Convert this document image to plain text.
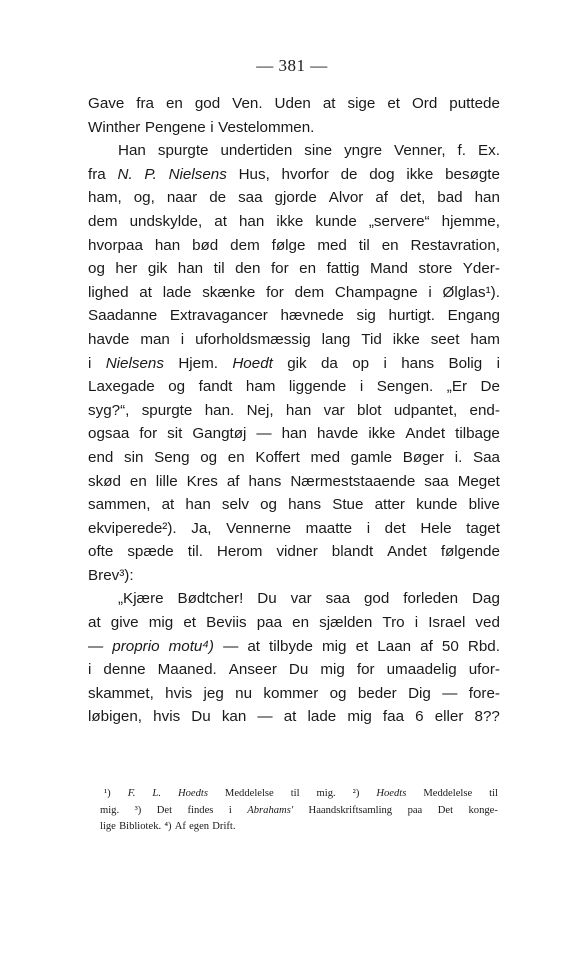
— 381 —
Gave fra en god Ven. Uden at sige et Ord puttede
Winther Pengene i Vestelommen.
Han spurgte undertiden sine yngre Venner, f. Ex.
fra N. P. Nielsens Hus, hvorfor de dog ikke besøgte
ham, og, naar de saa gjorde Alvor af det, bad han
dem undskylde, at han ikke kunde „servere“ hjemme,
hvorpaa han bød dem følge med til en Restavration,
og her gik han til den for en fattig Mand store Yder-
lighed at lade skænke for dem Champagne i Ølglas¹).
Saadanne Extravagancer hævnede sig hurtigt. Engang
havde man i uforholdsmæssig lang Tid ikke seet ham
i Nielsens Hjem. Hoedt gik da op i hans Bolig i
Laxegade og fandt ham liggende i Sengen. „Er De
syg?“, spurgte han. Nej, han var blot udpantet, end-
ogsaa for sit Gangtøj — han havde ikke Andet tilbage
end sin Seng og en Koffert med gamle Bøger i. Saa
skød en lille Kres af hans Nærmeststaaende saa Meget
sammen, at han selv og hans Stue atter kunde blive
ekviperede²). Ja, Vennerne maatte i det Hele taget
ofte spæde til. Herom vidner blandt Andet følgende
Brev³):
„Kjære Bødtcher! Du var saa god forleden Dag
at give mig et Beviis paa en sjælden Tro i Israel ved
— proprio motu⁴) — at tilbyde mig et Laan af 50 Rbd.
i denne Maaned. Anseer Du mig for umaadelig ufor-
skammet, hvis jeg nu kommer og beder Dig — fore-
løbigen, hvis Du kan — at lade mig faa 6 eller 8??
¹) F. L. Hoedts Meddelelse til mig. ²) Hoedts Meddelelse til
mig. ³) Det findes i Abrahams' Haandskriftsamling paa Det konge-
lige Bibliotek. ⁴) Af egen Drift.
